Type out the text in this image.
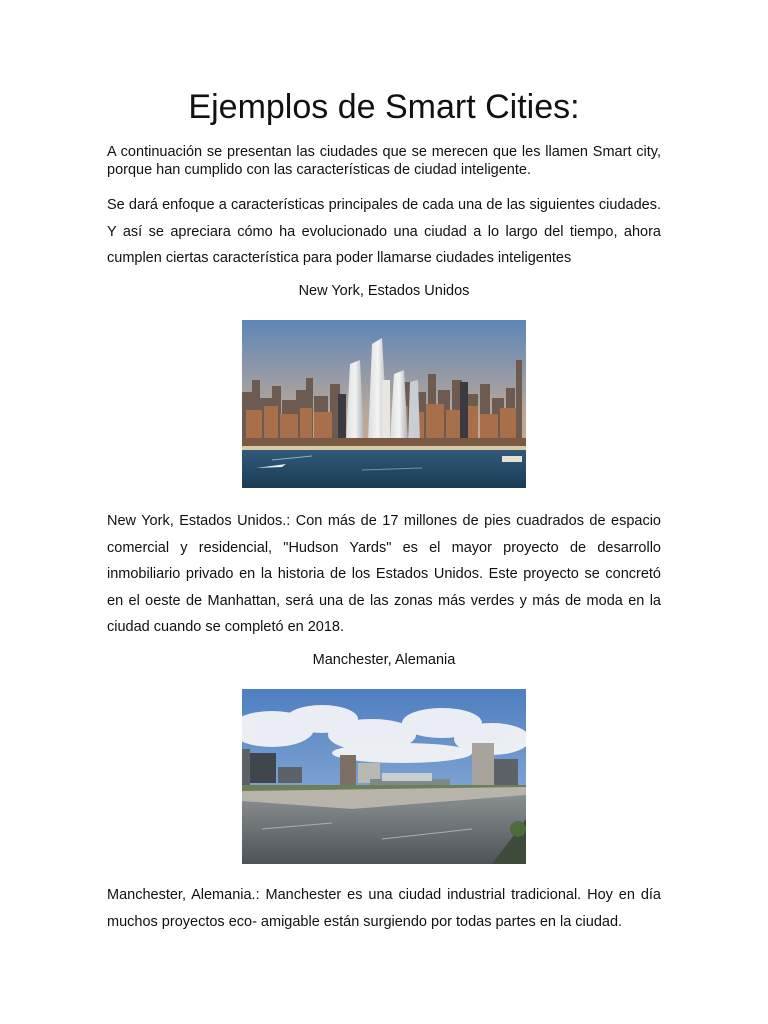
Ejemplos de Smart Cities:

A continuación se presentan las ciudades que se merecen que les llamen Smart city, porque han cumplido con las características de ciudad inteligente.

Se dará enfoque a características principales de cada una de las siguientes ciudades. Y así se apreciara cómo ha evolucionado una ciudad a lo largo del tiempo, ahora cumplen ciertas característica para poder llamarse ciudades inteligentes

New York, Estados Unidos

New York, Estados Unidos.: Con más de 17 millones de pies cuadrados de espacio comercial y residencial, "Hudson Yards" es el mayor proyecto de desarrollo inmobiliario privado en la historia de los Estados Unidos. Este proyecto se concretó en el oeste de Manhattan, será una de las zonas más verdes y más de moda en la ciudad cuando se completó en 2018.

Manchester, Alemania

Manchester, Alemania.: Manchester es una ciudad industrial tradicional. Hoy en día muchos proyectos eco- amigable están surgiendo por todas partes en la ciudad.
